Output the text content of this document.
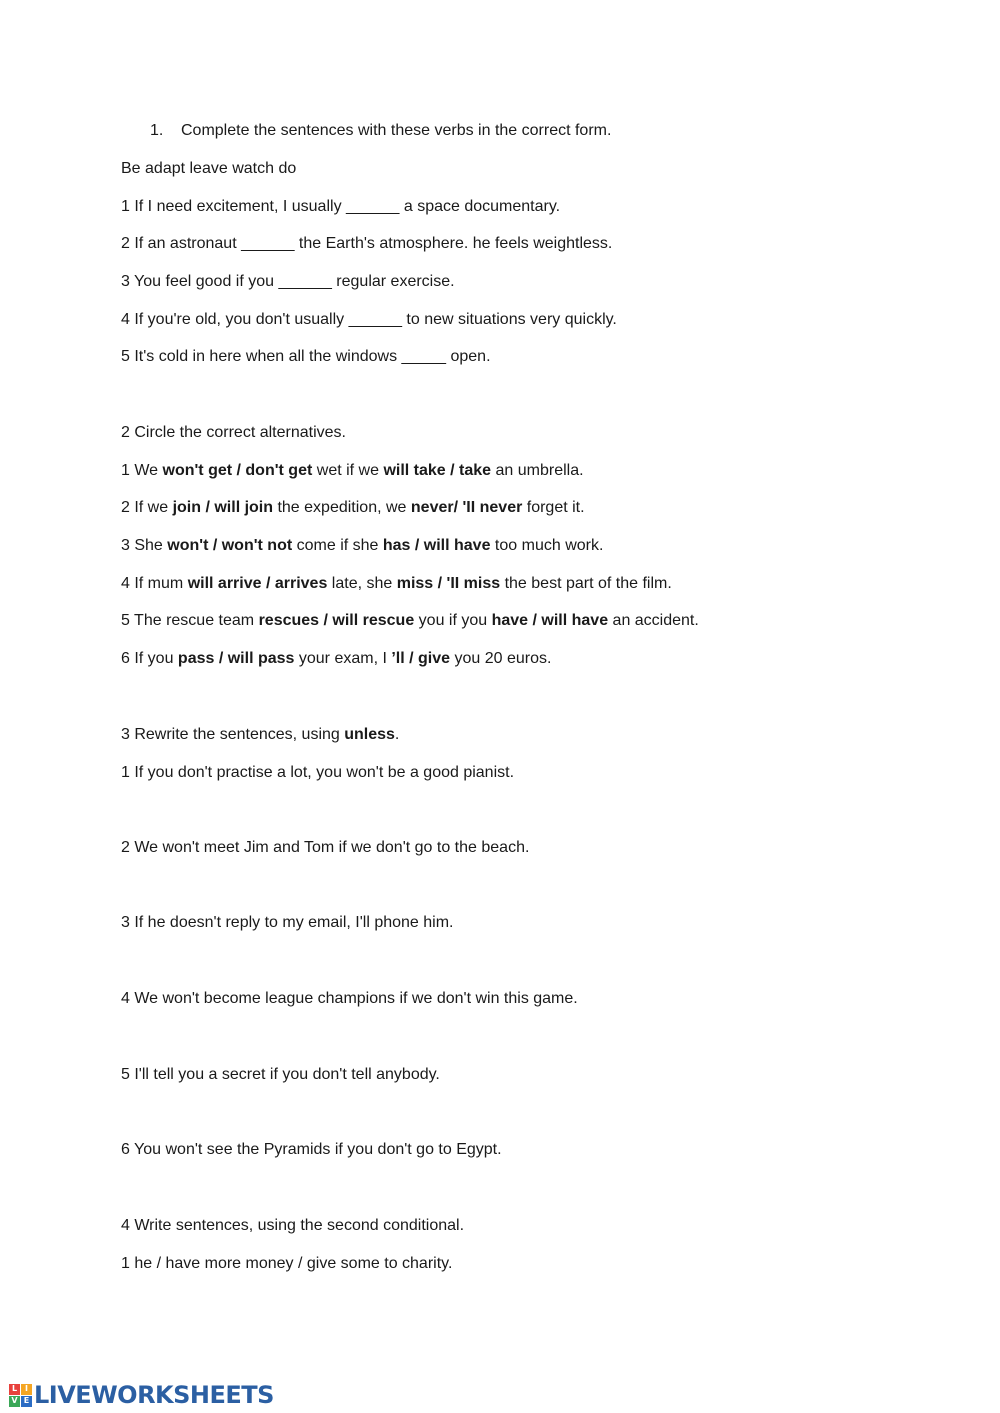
1. Complete the sentences with these verbs in the correct form.

Be adapt leave watch do

1 If I need excitement, I usually ______ a space documentary.

2 If an astronaut ______ the Earth's atmosphere. he feels weightless.

3 You feel good if you ______ regular exercise.

4 If you're old, you don't usually ______ to new situations very quickly.

5 It's cold in here when all the windows _____ open.

2 Circle the correct alternatives.

1 We won't get / don't get wet if we will take / take an umbrella.

2 If we join / will join the expedition, we never/ 'II never forget it.

3 She won't / won't not come if she has / will have too much work.

4 If mum will arrive / arrives late, she miss / 'II miss the best part of the film.

5 The rescue team rescues / will rescue you if you have / will have an accident.

6 If you pass / will pass your exam, I ’ll / give you 20 euros.

3 Rewrite the sentences, using unless.

1 If you don't practise a lot, you won't be a good pianist.

2 We won't meet Jim and Tom if we don't go to the beach.

3 If he doesn't reply to my email, I'll phone him.

4 We won't become league champions if we don't win this game.

5 I'll tell you a secret if you don't tell anybody.

6 You won't see the Pyramids if you don't go to Egypt.

4 Write sentences, using the second conditional.

1 he / have more money / give some to charity.

L I
V E LIVEWORKSHEETS
